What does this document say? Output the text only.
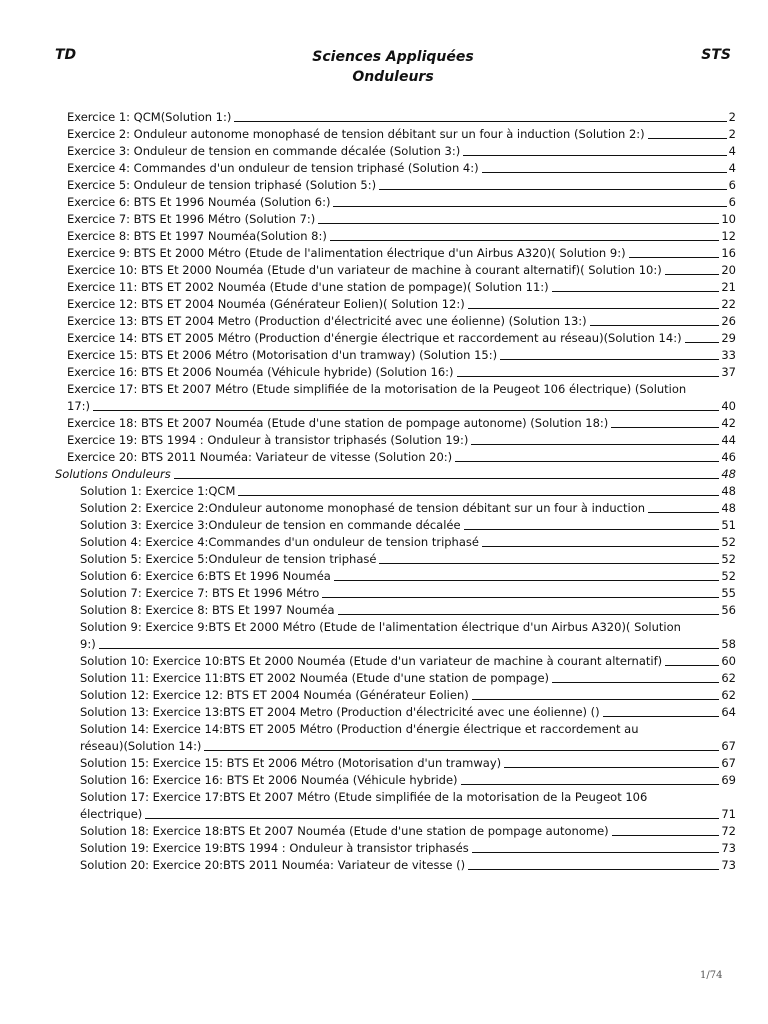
TD	Sciences Appliquées
Onduleurs
STS
Exercice 1: QCM(Solution 1:)	2
Exercice 2: Onduleur autonome monophasé de tension débitant sur un four à induction (Solution 2:)	2
Exercice 3: Onduleur de tension en commande décalée (Solution 3:)	4
Exercice 4: Commandes d'un onduleur de tension triphasé (Solution 4:)	4
Exercice 5: Onduleur de tension triphasé (Solution 5:)	6
Exercice 6: BTS Et 1996 Nouméa (Solution 6:)	6
Exercice 7: BTS Et 1996 Métro (Solution 7:)	10
Exercice 8: BTS Et 1997 Nouméa(Solution 8:)	12
Exercice 9: BTS Et 2000 Métro (Etude de l'alimentation électrique d'un Airbus A320)( Solution 9:)	16
Exercice 10: BTS Et 2000 Nouméa (Etude d'un variateur de machine à courant alternatif)( Solution 10:)	20
Exercice 11: BTS ET 2002 Nouméa (Etude d'une station de pompage)( Solution 11:)	21
Exercice 12: BTS ET 2004 Nouméa (Générateur Eolien)( Solution 12:)	22
Exercice 13: BTS ET 2004 Metro (Production d'électricité avec une éolienne) (Solution 13:)	26
Exercice 14: BTS ET 2005 Métro (Production d'énergie électrique et raccordement au réseau)(Solution 14:)	29
Exercice 15: BTS Et 2006 Métro (Motorisation d'un tramway) (Solution 15:)	33
Exercice 16: BTS Et 2006 Nouméa (Véhicule hybride) (Solution 16:)	37
Exercice 17: BTS Et 2007 Métro (Etude simplifiée de la motorisation de la Peugeot 106 électrique) (Solution
17:)	40
Exercice 18: BTS Et 2007 Nouméa (Etude d'une station de pompage autonome) (Solution 18:)	42
Exercice 19: BTS 1994 : Onduleur à transistor triphasés (Solution 19:)	44
Exercice 20: BTS 2011 Nouméa: Variateur de vitesse (Solution 20:)	46
Solutions Onduleurs	48
Solution 1: Exercice 1:QCM	48
Solution 2: Exercice 2:Onduleur autonome monophasé de tension débitant sur un four à induction	48
Solution 3: Exercice 3:Onduleur de tension en commande décalée	51
Solution 4: Exercice 4:Commandes d'un onduleur de tension triphasé	52
Solution 5: Exercice 5:Onduleur de tension triphasé	52
Solution 6: Exercice 6:BTS Et 1996 Nouméa	52
Solution 7: Exercice 7: BTS Et 1996 Métro	55
Solution 8: Exercice 8: BTS Et 1997 Nouméa	56
Solution 9: Exercice 9:BTS Et 2000 Métro (Etude de l'alimentation électrique d'un Airbus A320)( Solution
9:)	58
Solution 10: Exercice 10:BTS Et 2000 Nouméa (Etude d'un variateur de machine à courant alternatif)	60
Solution 11: Exercice 11:BTS ET 2002 Nouméa (Etude d'une station de pompage)	62
Solution 12: Exercice 12: BTS ET 2004 Nouméa (Générateur Eolien)	62
Solution 13: Exercice 13:BTS ET 2004 Metro (Production d'électricité avec une éolienne) ()	64
Solution 14: Exercice 14:BTS ET 2005 Métro (Production d'énergie électrique et raccordement au
réseau)(Solution 14:)	67
Solution 15: Exercice 15: BTS Et 2006 Métro (Motorisation d'un tramway)	67
Solution 16: Exercice 16: BTS Et 2006 Nouméa (Véhicule hybride)	69
Solution 17: Exercice 17:BTS Et 2007 Métro (Etude simplifiée de la motorisation de la Peugeot 106
électrique)	71
Solution 18: Exercice 18:BTS Et 2007 Nouméa (Etude d'une station de pompage autonome)	72
Solution 19: Exercice 19:BTS 1994 : Onduleur à transistor triphasés	73
Solution 20: Exercice 20:BTS 2011 Nouméa: Variateur de vitesse ()	73
1/74
